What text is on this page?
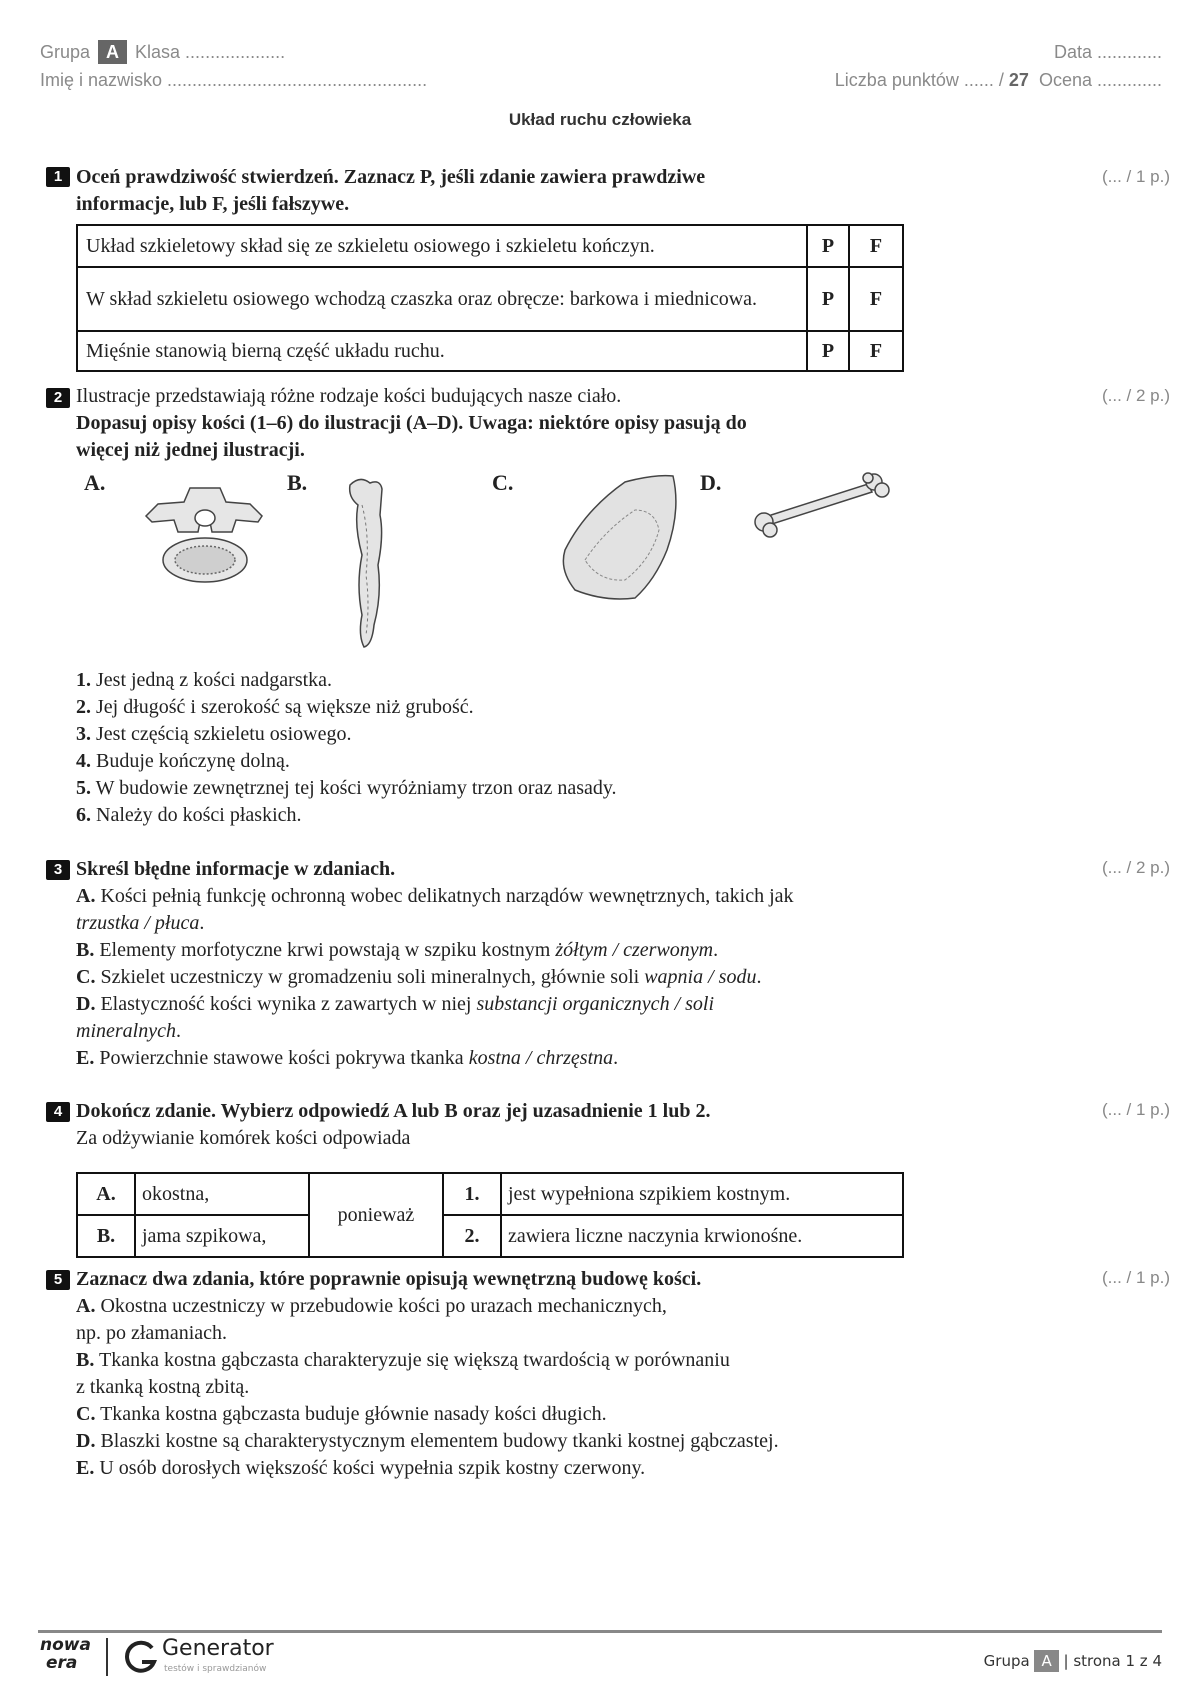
Grupa A Klasa ....................	Data .............
Imię i nazwisko ....................................................	Liczba punktów ...... / 27 Ocena .............
Układ ruchu człowieka
1	(... / 1 p.)
Oceń prawdziwość stwierdzeń. Zaznacz P, jeśli zdanie zawiera prawdziwe
informacje, lub F, jeśli fałszywe.
Układ szkieletowy skład się ze szkieletu osiowego i szkieletu kończyn.	P	F
W skład szkieletu osiowego wchodzą czaszka oraz obręcze: barkowa i miednicowa.	P	F
Mięśnie stanowią bierną część układu ruchu.	P	F
2	(... / 2 p.)
Ilustracje przedstawiają różne rodzaje kości budujących nasze ciało.
Dopasuj opisy kości (1–6) do ilustracji (A–D). Uwaga: niektóre opisy pasują do
więcej niż jednej ilustracji.
A.	B.	C.	D.
1. Jest jedną z kości nadgarstka.
2. Jej długość i szerokość są większe niż grubość.
3. Jest częścią szkieletu osiowego.
4. Buduje kończynę dolną.
5. W budowie zewnętrznej tej kości wyróżniamy trzon oraz nasady.
6. Należy do kości płaskich.
3	(... / 2 p.)
Skreśl błędne informacje w zdaniach.
A. Kości pełnią funkcję ochronną wobec delikatnych narządów wewnętrznych, takich jak
trzustka / płuca.
B. Elementy morfotyczne krwi powstają w szpiku kostnym żółtym / czerwonym.
C. Szkielet uczestniczy w gromadzeniu soli mineralnych, głównie soli wapnia / sodu.
D. Elastyczność kości wynika z zawartych w niej substancji organicznych / soli
mineralnych.
E. Powierzchnie stawowe kości pokrywa tkanka kostna / chrzęstna.
4	(... / 1 p.)
Dokończ zdanie. Wybierz odpowiedź A lub B oraz jej uzasadnienie 1 lub 2.
Za odżywianie komórek kości odpowiada
A.	okostna,	ponieważ	1.	jest wypełniona szpikiem kostnym.
B.	jama szpikowa,		2.	zawiera liczne naczynia krwionośne.
5	(... / 1 p.)
Zaznacz dwa zdania, które poprawnie opisują wewnętrzną budowę kości.
A. Okostna uczestniczy w przebudowie kości po urazach mechanicznych,
np. po złamaniach.
B. Tkanka kostna gąbczasta charakteryzuje się większą twardością w porównaniu
z tkanką kostną zbitą.
C. Tkanka kostna gąbczasta buduje głównie nasady kości długich.
D. Blaszki kostne są charakterystycznym elementem budowy tkanki kostnej gąbczastej.
E. U osób dorosłych większość kości wypełnia szpik kostny czerwony.
nowa
era
Generator
testów i sprawdzianów	Grupa A | strona 1 z 4
